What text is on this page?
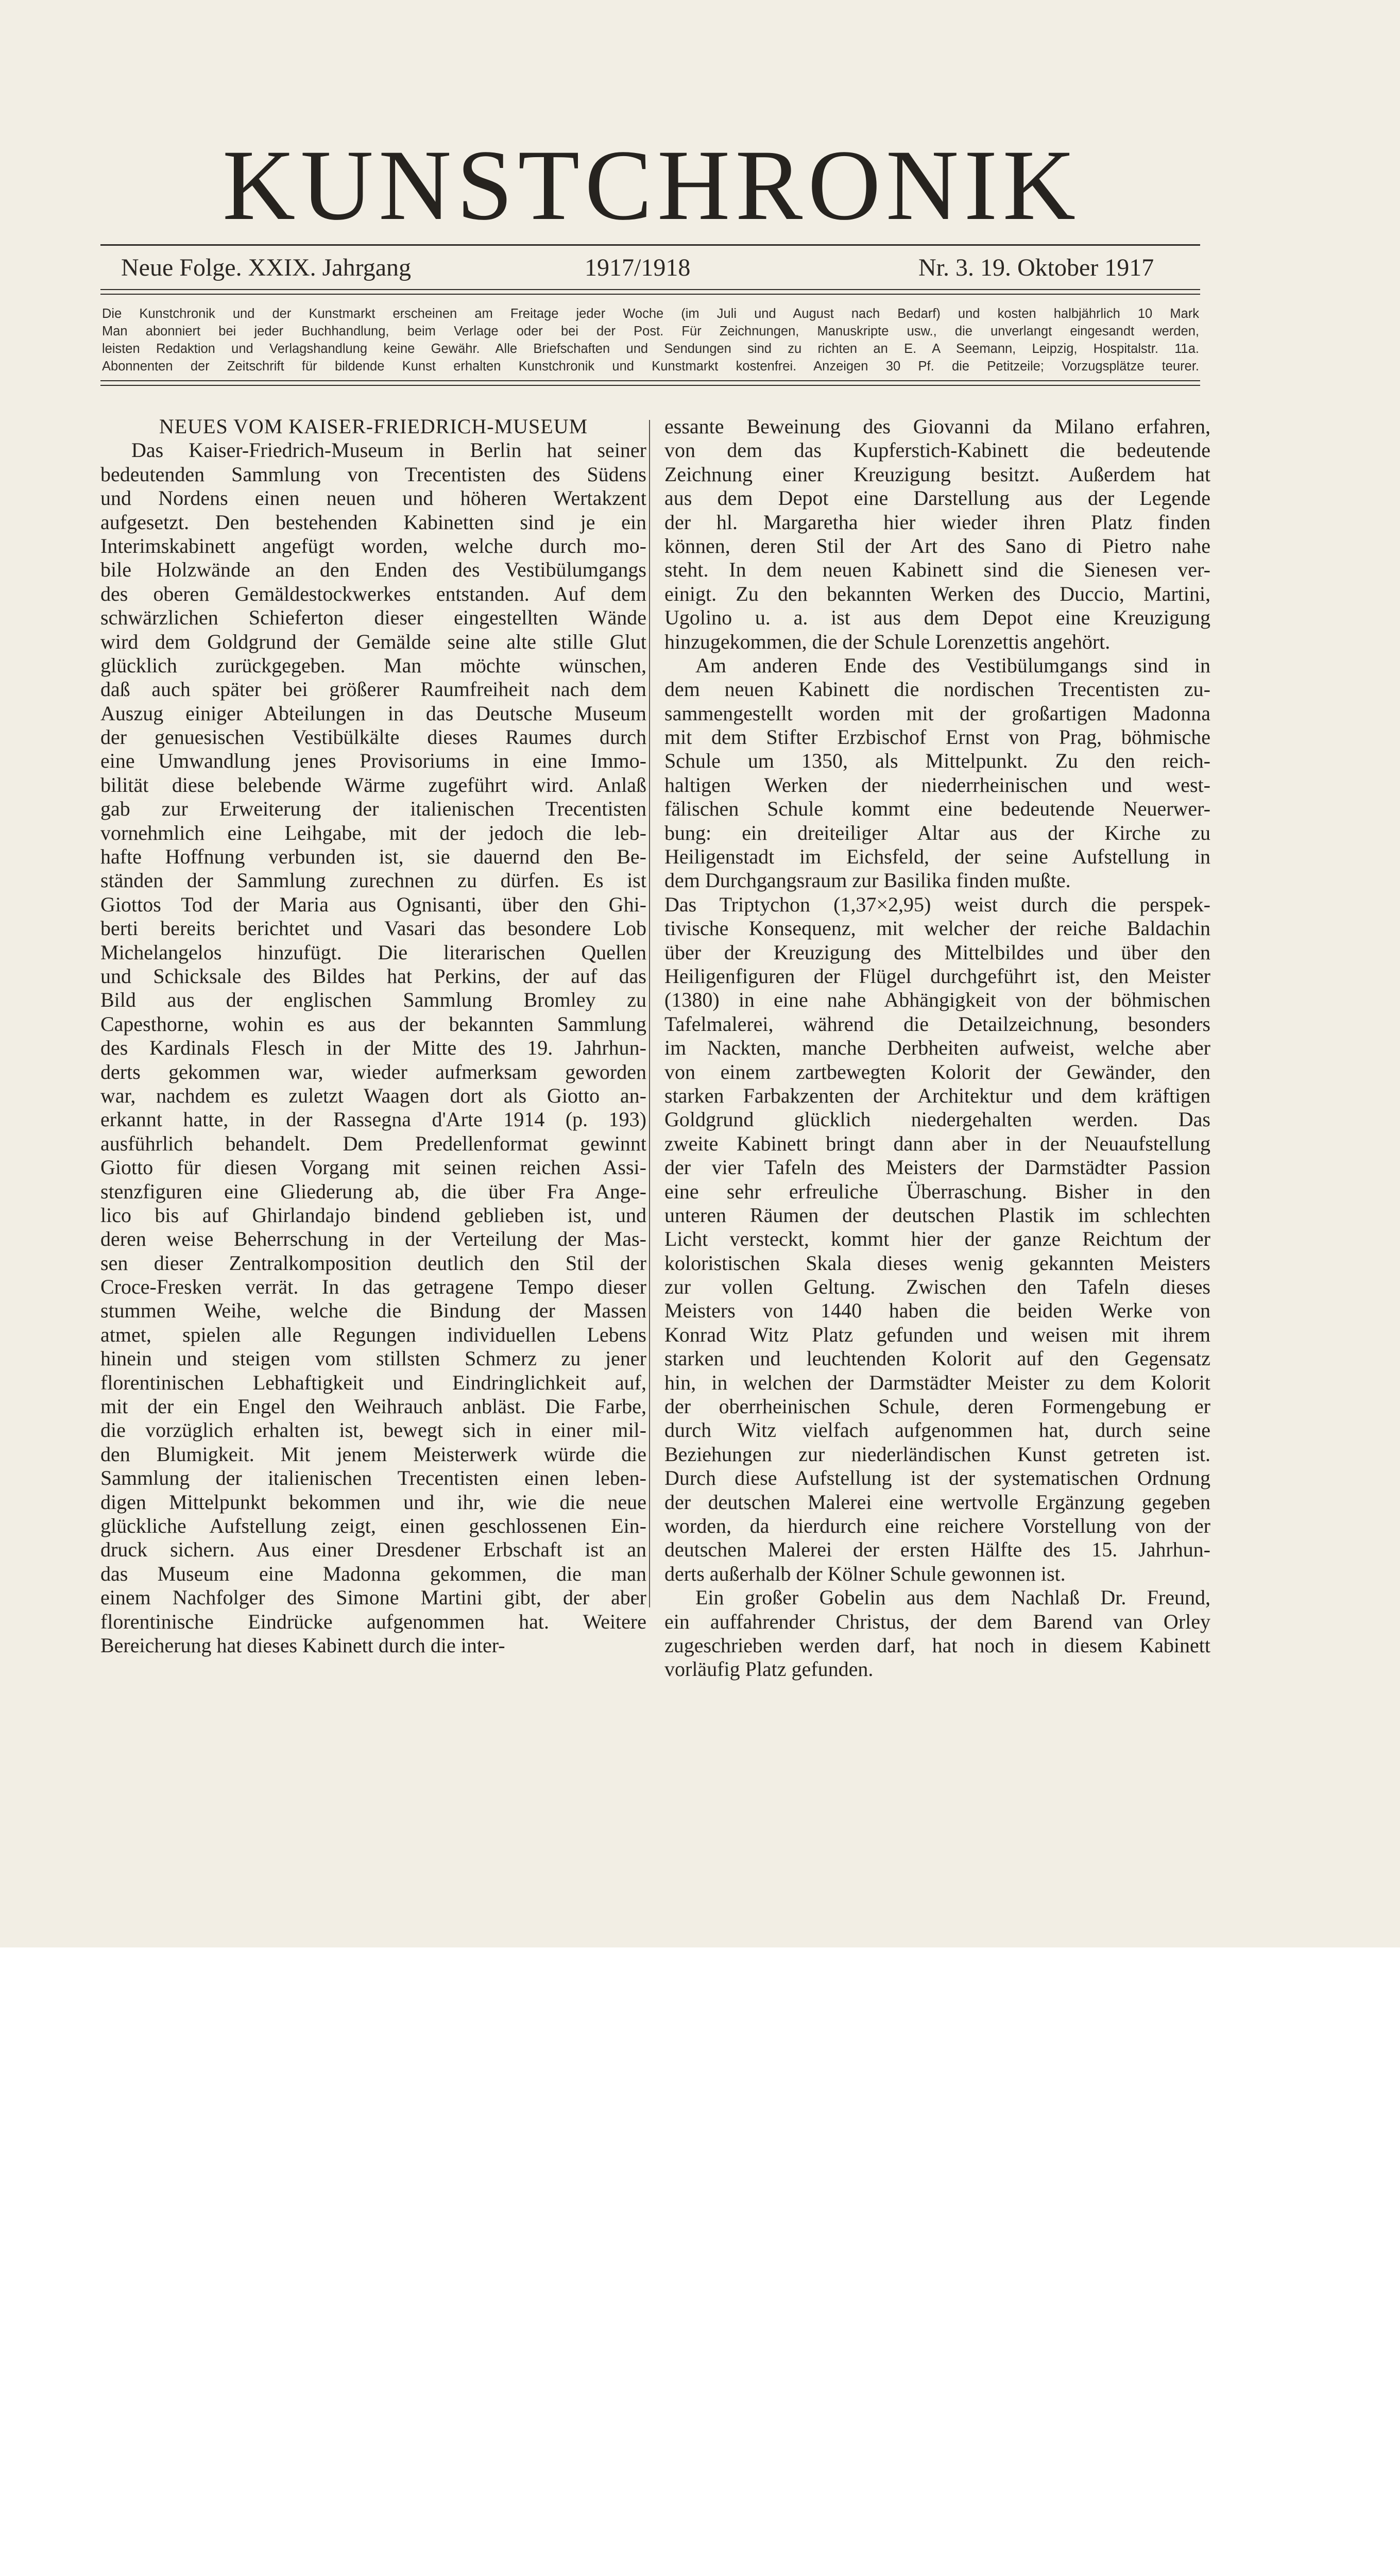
KUNSTCHRONIK
Neue Folge. XXIX. Jahrgang	1917/1918	Nr. 3. 19. Oktober 1917
Die Kunstchronik und der Kunstmarkt erscheinen am Freitage jeder Woche (im Juli und August nach Bedarf) und kosten halbjährlich 10 Mark
Man abonniert bei jeder Buchhandlung, beim Verlage oder bei der Post. Für Zeichnungen, Manuskripte usw., die unverlangt eingesandt werden,
leisten Redaktion und Verlagshandlung keine Gewähr. Alle Briefschaften und Sendungen sind zu richten an E. A Seemann, Leipzig, Hospitalstr. 11a.
Abonnenten der Zeitschrift für bildende Kunst erhalten Kunstchronik und Kunstmarkt kostenfrei. Anzeigen 30 Pf. die Petitzeile; Vorzugsplätze teurer.
NEUES VOM KAISER-FRIEDRICH-MUSEUM
Das Kaiser-Friedrich-Museum in Berlin hat seiner
bedeutenden Sammlung von Trecentisten des Südens
und Nordens einen neuen und höheren Wertakzent
aufgesetzt. Den bestehenden Kabinetten sind je ein
Interimskabinett angefügt worden, welche durch mo-
bile Holzwände an den Enden des Vestibülumgangs
des oberen Gemäldestockwerkes entstanden. Auf dem
schwärzlichen Schieferton dieser eingestellten Wände
wird dem Goldgrund der Gemälde seine alte stille Glut
glücklich zurückgegeben. Man möchte wünschen,
daß auch später bei größerer Raumfreiheit nach dem
Auszug einiger Abteilungen in das Deutsche Museum
der genuesischen Vestibülkälte dieses Raumes durch
eine Umwandlung jenes Provisoriums in eine Immo-
bilität diese belebende Wärme zugeführt wird. Anlaß
gab zur Erweiterung der italienischen Trecentisten
vornehmlich eine Leihgabe, mit der jedoch die leb-
hafte Hoffnung verbunden ist, sie dauernd den Be-
ständen der Sammlung zurechnen zu dürfen. Es ist
Giottos Tod der Maria aus Ognisanti, über den Ghi-
berti bereits berichtet und Vasari das besondere Lob
Michelangelos hinzufügt. Die literarischen Quellen
und Schicksale des Bildes hat Perkins, der auf das
Bild aus der englischen Sammlung Bromley zu
Capesthorne, wohin es aus der bekannten Sammlung
des Kardinals Flesch in der Mitte des 19. Jahrhun-
derts gekommen war, wieder aufmerksam geworden
war, nachdem es zuletzt Waagen dort als Giotto an-
erkannt hatte, in der Rassegna d'Arte 1914 (p. 193)
ausführlich behandelt. Dem Predellenformat gewinnt
Giotto für diesen Vorgang mit seinen reichen Assi-
stenzfiguren eine Gliederung ab, die über Fra Ange-
lico bis auf Ghirlandajo bindend geblieben ist, und
deren weise Beherrschung in der Verteilung der Mas-
sen dieser Zentralkomposition deutlich den Stil der
Croce-Fresken verrät. In das getragene Tempo dieser
stummen Weihe, welche die Bindung der Massen
atmet, spielen alle Regungen individuellen Lebens
hinein und steigen vom stillsten Schmerz zu jener
florentinischen Lebhaftigkeit und Eindringlichkeit auf,
mit der ein Engel den Weihrauch anbläst. Die Farbe,
die vorzüglich erhalten ist, bewegt sich in einer mil-
den Blumigkeit. Mit jenem Meisterwerk würde die
Sammlung der italienischen Trecentisten einen leben-
digen Mittelpunkt bekommen und ihr, wie die neue
glückliche Aufstellung zeigt, einen geschlossenen Ein-
druck sichern. Aus einer Dresdener Erbschaft ist an
das Museum eine Madonna gekommen, die man
einem Nachfolger des Simone Martini gibt, der aber
florentinische Eindrücke aufgenommen hat. Weitere
Bereicherung hat dieses Kabinett durch die inter-
essante Beweinung des Giovanni da Milano erfahren,
von dem das Kupferstich-Kabinett die bedeutende
Zeichnung einer Kreuzigung besitzt. Außerdem hat
aus dem Depot eine Darstellung aus der Legende
der hl. Margaretha hier wieder ihren Platz finden
können, deren Stil der Art des Sano di Pietro nahe
steht. In dem neuen Kabinett sind die Sienesen ver-
einigt. Zu den bekannten Werken des Duccio, Martini,
Ugolino u. a. ist aus dem Depot eine Kreuzigung
hinzugekommen, die der Schule Lorenzettis angehört.
Am anderen Ende des Vestibülumgangs sind in
dem neuen Kabinett die nordischen Trecentisten zu-
sammengestellt worden mit der großartigen Madonna
mit dem Stifter Erzbischof Ernst von Prag, böhmische
Schule um 1350, als Mittelpunkt. Zu den reich-
haltigen Werken der niederrheinischen und west-
fälischen Schule kommt eine bedeutende Neuerwer-
bung: ein dreiteiliger Altar aus der Kirche zu
Heiligenstadt im Eichsfeld, der seine Aufstellung in
dem Durchgangsraum zur Basilika finden mußte.
Das Triptychon (1,37×2,95) weist durch die perspek-
tivische Konsequenz, mit welcher der reiche Baldachin
über der Kreuzigung des Mittelbildes und über den
Heiligenfiguren der Flügel durchgeführt ist, den Meister
(1380) in eine nahe Abhängigkeit von der böhmischen
Tafelmalerei, während die Detailzeichnung, besonders
im Nackten, manche Derbheiten aufweist, welche aber
von einem zartbewegten Kolorit der Gewänder, den
starken Farbakzenten der Architektur und dem kräftigen
Goldgrund glücklich niedergehalten werden. Das
zweite Kabinett bringt dann aber in der Neuaufstellung
der vier Tafeln des Meisters der Darmstädter Passion
eine sehr erfreuliche Überraschung. Bisher in den
unteren Räumen der deutschen Plastik im schlechten
Licht versteckt, kommt hier der ganze Reichtum der
koloristischen Skala dieses wenig gekannten Meisters
zur vollen Geltung. Zwischen den Tafeln dieses
Meisters von 1440 haben die beiden Werke von
Konrad Witz Platz gefunden und weisen mit ihrem
starken und leuchtenden Kolorit auf den Gegensatz
hin, in welchen der Darmstädter Meister zu dem Kolorit
der oberrheinischen Schule, deren Formengebung er
durch Witz vielfach aufgenommen hat, durch seine
Beziehungen zur niederländischen Kunst getreten ist.
Durch diese Aufstellung ist der systematischen Ordnung
der deutschen Malerei eine wertvolle Ergänzung gegeben
worden, da hierdurch eine reichere Vorstellung von der
deutschen Malerei der ersten Hälfte des 15. Jahrhun-
derts außerhalb der Kölner Schule gewonnen ist.
Ein großer Gobelin aus dem Nachlaß Dr. Freund,
ein auffahrender Christus, der dem Barend van Orley
zugeschrieben werden darf, hat noch in diesem Kabinett
vorläufig Platz gefunden.
